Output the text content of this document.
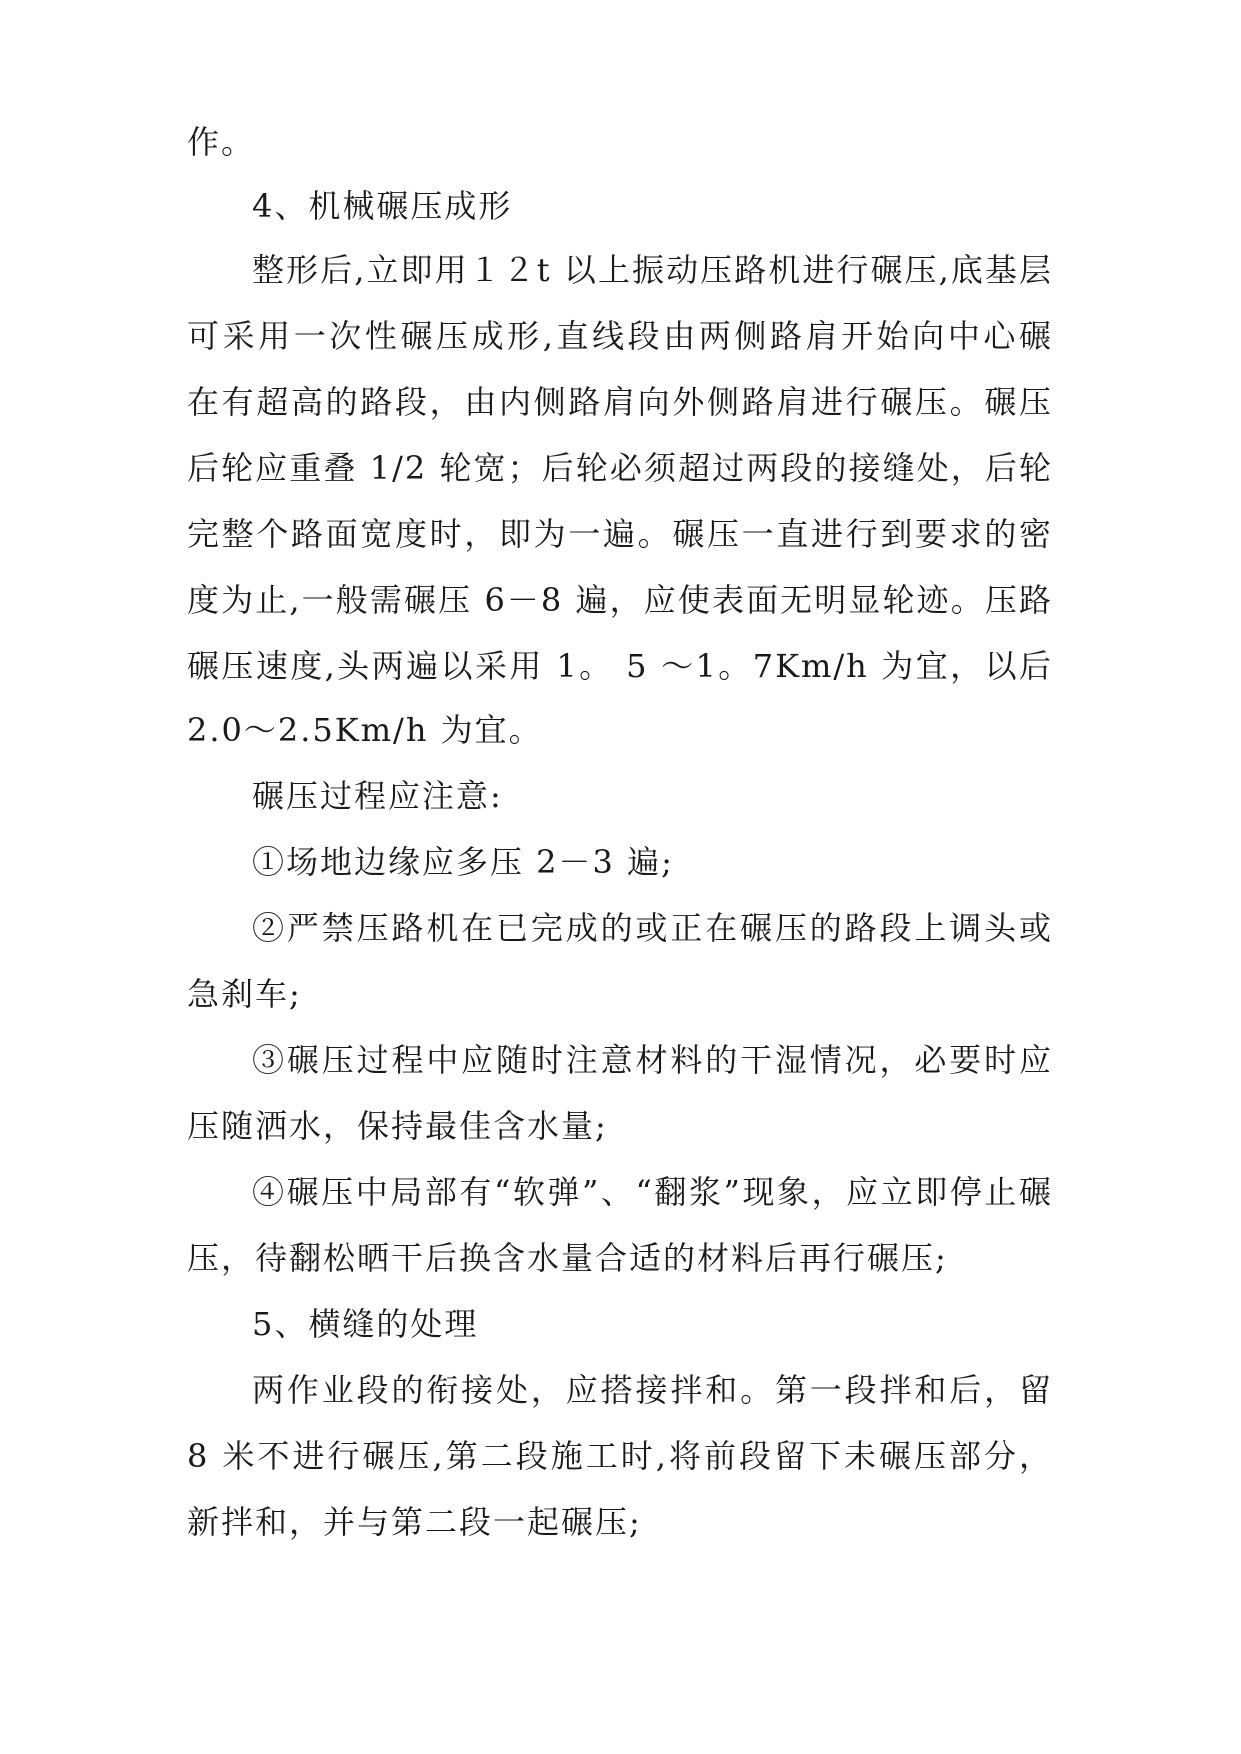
作。

4、机械碾压成形

整形后,立即用１２t 以上振动压路机进行碾压,底基层

可采用一次性碾压成形,直线段由两侧路肩开始向中心碾

在有超高的路段，由内侧路肩向外侧路肩进行碾压。碾压

后轮应重叠 1/2 轮宽；后轮必须超过两段的接缝处，后轮

完整个路面宽度时，即为一遍。碾压一直进行到要求的密

度为止,一般需碾压 6－8 遍，应使表面无明显轮迹。压路

碾压速度,头两遍以采用 1。 5 ～1。7Km/h 为宜，以后

2.0～2.5Km/h 为宜。

碾压过程应注意:

①场地边缘应多压 2－3 遍;

②严禁压路机在已完成的或正在碾压的路段上调头或

急刹车;

③碾压过程中应随时注意材料的干湿情况，必要时应

压随洒水，保持最佳含水量;

④碾压中局部有“软弹”、“翻浆”现象，应立即停止碾

压，待翻松晒干后换含水量合适的材料后再行碾压;

5、横缝的处理

两作业段的衔接处，应搭接拌和。第一段拌和后，留

8 米不进行碾压,第二段施工时,将前段留下未碾压部分，

新拌和，并与第二段一起碾压;
